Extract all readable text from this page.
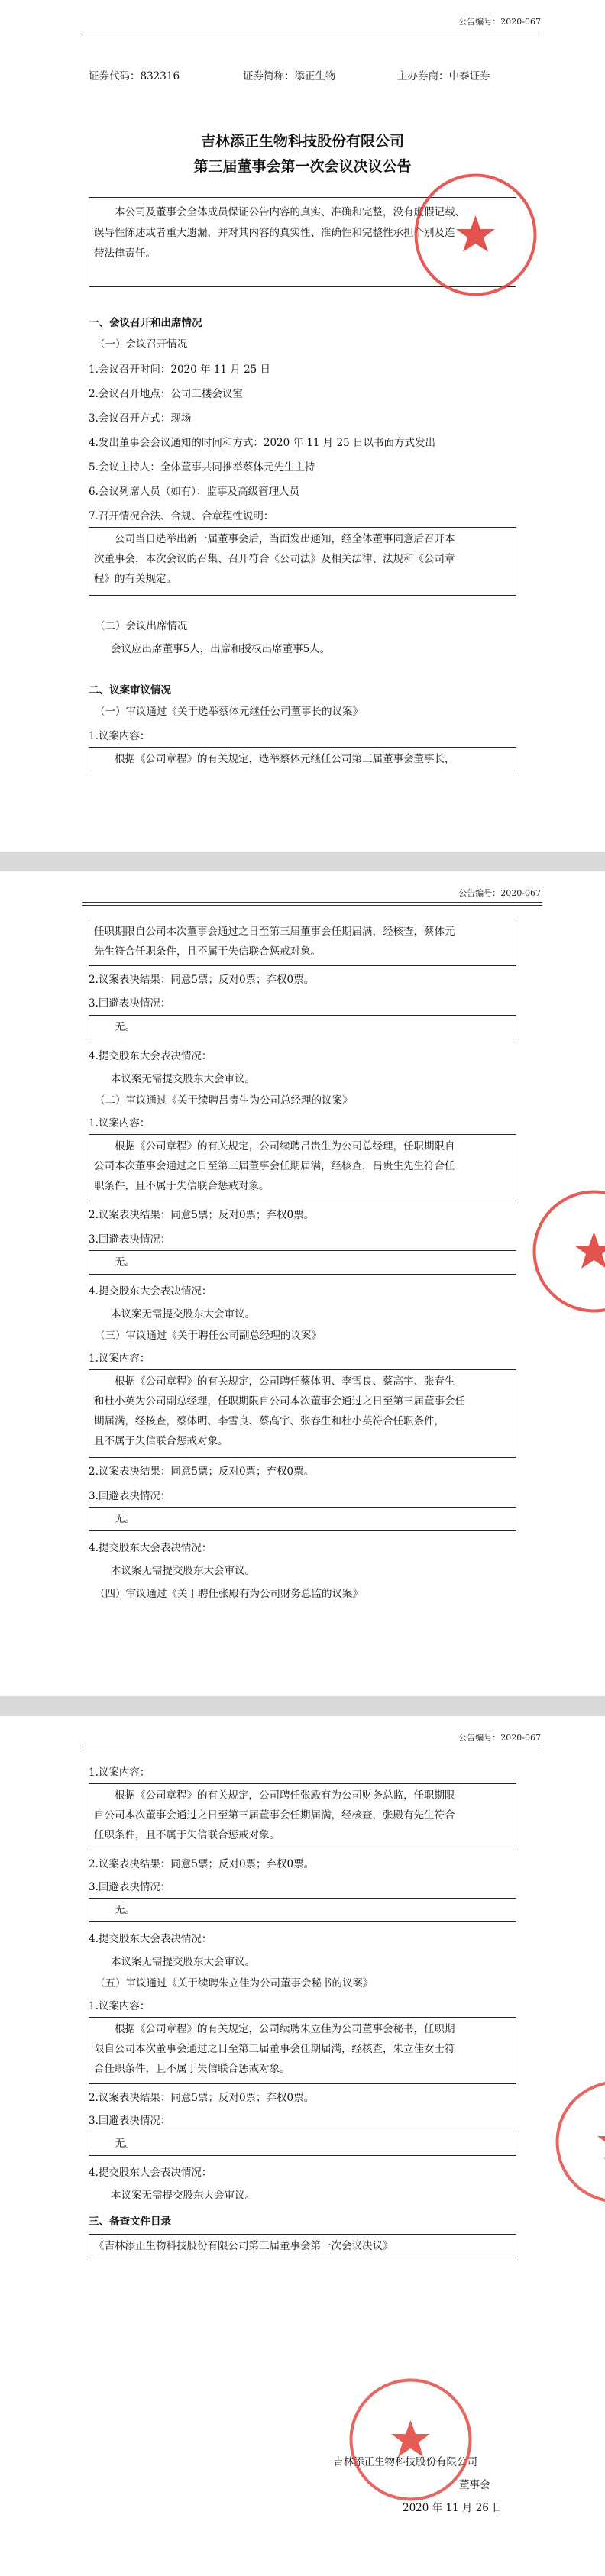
公告编号：2020-067
证券代码：832316	证券简称：添正生物	主办券商：中泰证券
吉林添正生物科技股份有限公司
第三届董事会第一次会议决议公告
本公司及董事会全体成员保证公告内容的真实、准确和完整，没有虚假记载、
误导性陈述或者重大遗漏，并对其内容的真实性、准确性和完整性承担个别及连
带法律责任。
一、会议召开和出席情况
（一）会议召开情况
1.会议召开时间：2020 年 11 月 25 日
2.会议召开地点：公司三楼会议室
3.会议召开方式：现场
4.发出董事会会议通知的时间和方式：2020 年 11 月 25 日以书面方式发出
5.会议主持人：全体董事共同推举蔡体元先生主持
6.会议列席人员（如有）：监事及高级管理人员
7.召开情况合法、合规、合章程性说明：
公司当日选举出新一届董事会后，当面发出通知，经全体董事同意后召开本
次董事会，本次会议的召集、召开符合《公司法》及相关法律、法规和《公司章
程》的有关规定。
（二）会议出席情况
会议应出席董事5人，出席和授权出席董事5人。
二、议案审议情况
（一）审议通过《关于选举蔡体元继任公司董事长的议案》
1.议案内容：
根据《公司章程》的有关规定，选举蔡体元继任公司第三届董事会董事长，
公告编号：2020-067
任职期限自公司本次董事会通过之日至第三届董事会任期届满，经核查，蔡体元
先生符合任职条件，且不属于失信联合惩戒对象。
2.议案表决结果：同意5票；反对0票；弃权0票。
3.回避表决情况：
无。
4.提交股东大会表决情况：
本议案无需提交股东大会审议。
（二）审议通过《关于续聘吕贵生为公司总经理的议案》
1.议案内容：
根据《公司章程》的有关规定，公司续聘吕贵生为公司总经理，任职期限自
公司本次董事会通过之日至第三届董事会任期届满，经核查，吕贵生先生符合任
职条件，且不属于失信联合惩戒对象。
2.议案表决结果：同意5票；反对0票；弃权0票。
3.回避表决情况：
无。
4.提交股东大会表决情况：
本议案无需提交股东大会审议。
（三）审议通过《关于聘任公司副总经理的议案》
1.议案内容：
根据《公司章程》的有关规定，公司聘任蔡体明、李雪良、蔡高宇、张春生
和杜小英为公司副总经理，任职期限自公司本次董事会通过之日至第三届董事会任
期届满，经核查，蔡体明、李雪良、蔡高宇、张春生和杜小英符合任职条件，
且不属于失信联合惩戒对象。
2.议案表决结果：同意5票；反对0票；弃权0票。
3.回避表决情况：
无。
4.提交股东大会表决情况：
本议案无需提交股东大会审议。
（四）审议通过《关于聘任张殿有为公司财务总监的议案》
公告编号：2020-067
1.议案内容：
根据《公司章程》的有关规定，公司聘任张殿有为公司财务总监，任职期限
自公司本次董事会通过之日至第三届董事会任期届满，经核查，张殿有先生符合
任职条件，且不属于失信联合惩戒对象。
2.议案表决结果：同意5票；反对0票；弃权0票。
3.回避表决情况：
无。
4.提交股东大会表决情况：
本议案无需提交股东大会审议。
（五）审议通过《关于续聘朱立佳为公司董事会秘书的议案》
1.议案内容：
根据《公司章程》的有关规定，公司续聘朱立佳为公司董事会秘书，任职期
限自公司本次董事会通过之日至第三届董事会任期届满，经核查，朱立佳女士符
合任职条件，且不属于失信联合惩戒对象。
2.议案表决结果：同意5票；反对0票；弃权0票。
3.回避表决情况：
无。
4.提交股东大会表决情况：
本议案无需提交股东大会审议。
三、备查文件目录
《吉林添正生物科技股份有限公司第三届董事会第一次会议决议》
吉林添正生物科技股份有限公司
董事会
2020 年 11 月 26 日
